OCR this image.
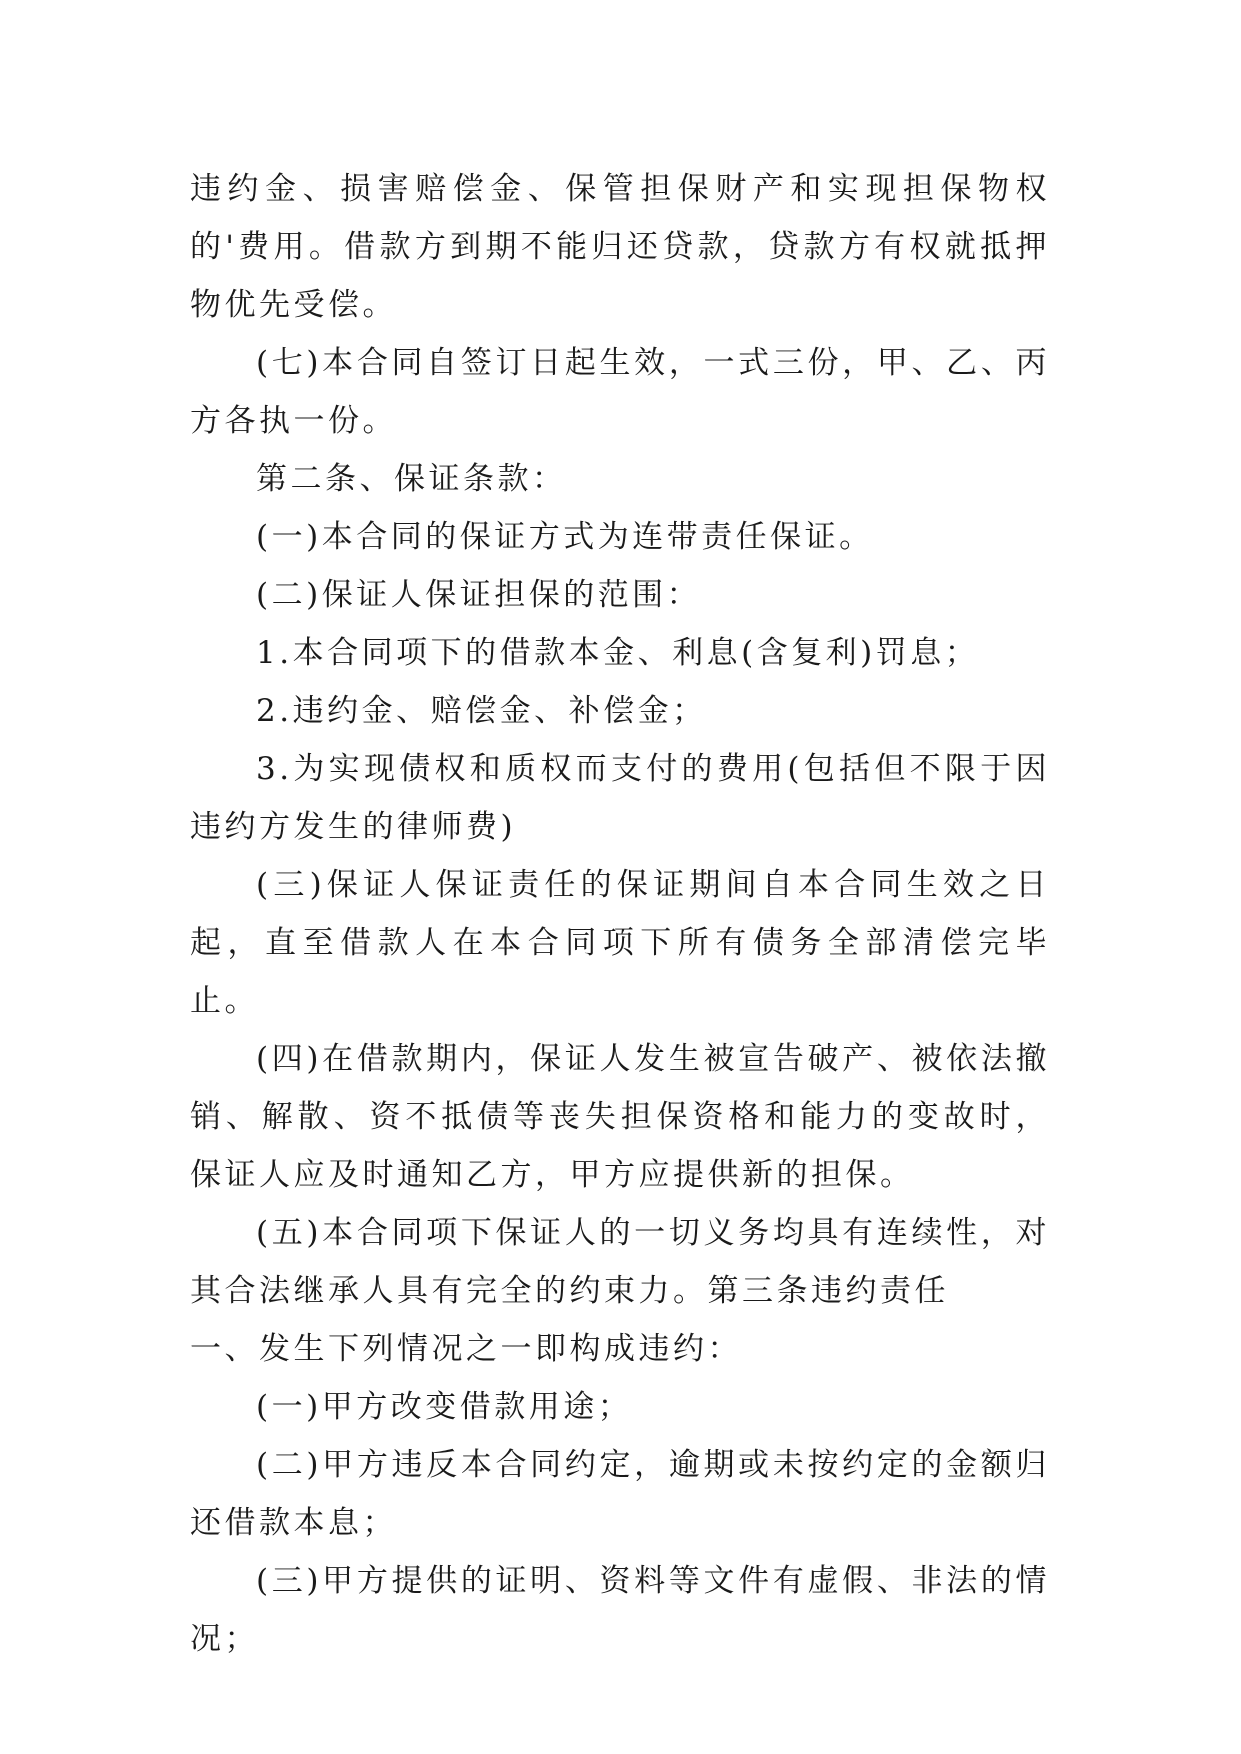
违约金、损害赔偿金、保管担保财产和实现担保物权的'费用。借款方到期不能归还贷款，贷款方有权就抵押物优先受偿。

(七)本合同自签订日起生效，一式三份，甲、乙、丙方各执一份。

第二条、保证条款：

(一)本合同的保证方式为连带责任保证。

(二)保证人保证担保的范围：

1.本合同项下的借款本金、利息(含复利)罚息；

2.违约金、赔偿金、补偿金；

3.为实现债权和质权而支付的费用(包括但不限于因违约方发生的律师费)

(三)保证人保证责任的保证期间自本合同生效之日起，直至借款人在本合同项下所有债务全部清偿完毕止。

(四)在借款期内，保证人发生被宣告破产、被依法撤销、解散、资不抵债等丧失担保资格和能力的变故时，保证人应及时通知乙方，甲方应提供新的担保。

(五)本合同项下保证人的一切义务均具有连续性，对其合法继承人具有完全的约束力。第三条违约责任

一、发生下列情况之一即构成违约：

(一)甲方改变借款用途；

(二)甲方违反本合同约定，逾期或未按约定的金额归还借款本息；

(三)甲方提供的证明、资料等文件有虚假、非法的情况；
